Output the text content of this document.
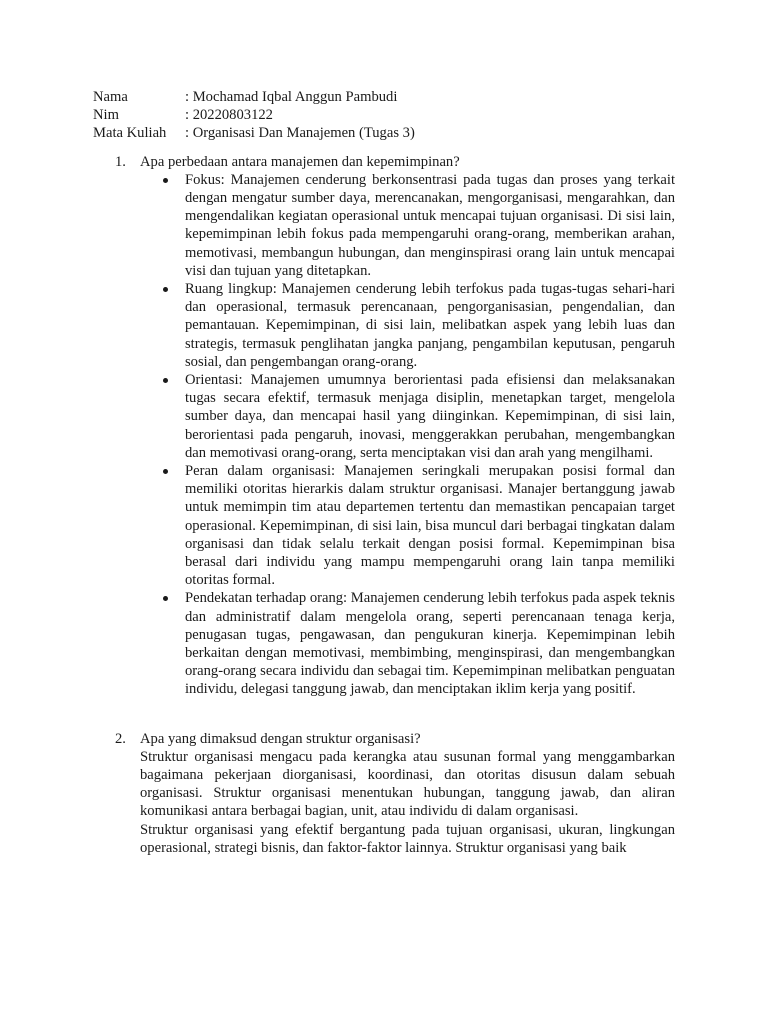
Nama	: Mochamad Iqbal Anggun Pambudi
Nim	: 20220803122
Mata Kuliah	: Organisasi Dan Manajemen (Tugas 3)
1. Apa perbedaan antara manajemen dan kepemimpinan?
Fokus: Manajemen cenderung berkonsentrasi pada tugas dan proses yang terkait dengan mengatur sumber daya, merencanakan, mengorganisasi, mengarahkan, dan mengendalikan kegiatan operasional untuk mencapai tujuan organisasi. Di sisi lain, kepemimpinan lebih fokus pada mempengaruhi orang-orang, memberikan arahan, memotivasi, membangun hubungan, dan menginspirasi orang lain untuk mencapai visi dan tujuan yang ditetapkan.
Ruang lingkup: Manajemen cenderung lebih terfokus pada tugas-tugas sehari-hari dan operasional, termasuk perencanaan, pengorganisasian, pengendalian, dan pemantauan. Kepemimpinan, di sisi lain, melibatkan aspek yang lebih luas dan strategis, termasuk penglihatan jangka panjang, pengambilan keputusan, pengaruh sosial, dan pengembangan orang-orang.
Orientasi: Manajemen umumnya berorientasi pada efisiensi dan melaksanakan tugas secara efektif, termasuk menjaga disiplin, menetapkan target, mengelola sumber daya, dan mencapai hasil yang diinginkan. Kepemimpinan, di sisi lain, berorientasi pada pengaruh, inovasi, menggerakkan perubahan, mengembangkan dan memotivasi orang-orang, serta menciptakan visi dan arah yang mengilhami.
Peran dalam organisasi: Manajemen seringkali merupakan posisi formal dan memiliki otoritas hierarkis dalam struktur organisasi. Manajer bertanggung jawab untuk memimpin tim atau departemen tertentu dan memastikan pencapaian target operasional. Kepemimpinan, di sisi lain, bisa muncul dari berbagai tingkatan dalam organisasi dan tidak selalu terkait dengan posisi formal. Kepemimpinan bisa berasal dari individu yang mampu mempengaruhi orang lain tanpa memiliki otoritas formal.
Pendekatan terhadap orang: Manajemen cenderung lebih terfokus pada aspek teknis dan administratif dalam mengelola orang, seperti perencanaan tenaga kerja, penugasan tugas, pengawasan, dan pengukuran kinerja. Kepemimpinan lebih berkaitan dengan memotivasi, membimbing, menginspirasi, dan mengembangkan orang-orang secara individu dan sebagai tim. Kepemimpinan melibatkan penguatan individu, delegasi tanggung jawab, dan menciptakan iklim kerja yang positif.
2. Apa yang dimaksud dengan struktur organisasi?

Struktur organisasi mengacu pada kerangka atau susunan formal yang menggambarkan bagaimana pekerjaan diorganisasi, koordinasi, dan otoritas disusun dalam sebuah organisasi. Struktur organisasi menentukan hubungan, tanggung jawab, dan aliran komunikasi antara berbagai bagian, unit, atau individu di dalam organisasi.

Struktur organisasi yang efektif bergantung pada tujuan organisasi, ukuran, lingkungan operasional, strategi bisnis, dan faktor-faktor lainnya. Struktur organisasi yang baik
